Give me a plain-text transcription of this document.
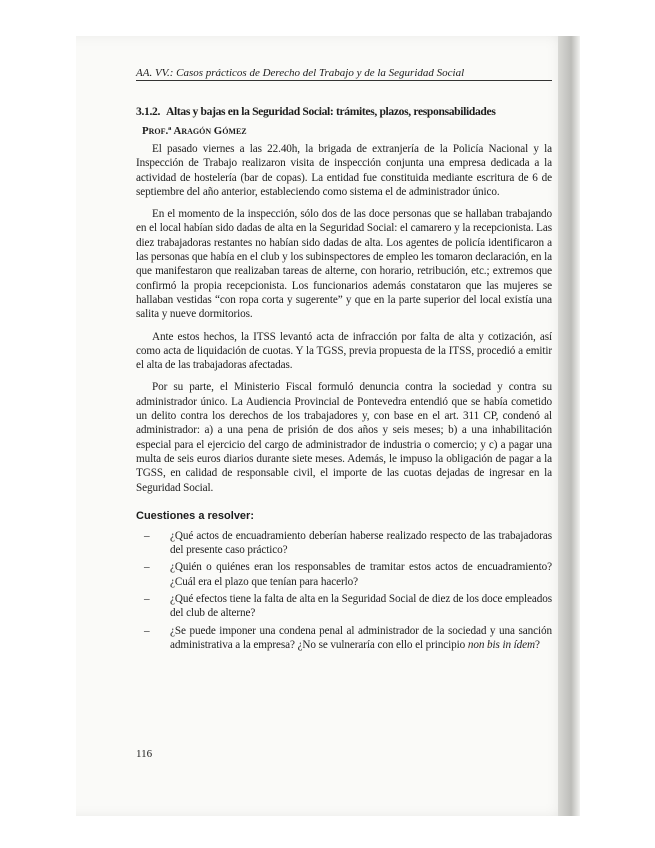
AA. VV.: Casos prácticos de Derecho del Trabajo y de la Seguridad Social
3.1.2. Altas y bajas en la Seguridad Social: trámites, plazos, responsabilidades
Prof.ª Aragón Gómez

El pasado viernes a las 22.40h, la brigada de extranjería de la Policía Nacional y la Inspección de Trabajo realizaron visita de inspección conjunta una empresa dedicada a la actividad de hostelería (bar de copas). La entidad fue constituida mediante escritura de 6 de septiembre del año anterior, estableciendo como sistema el de administrador único.

En el momento de la inspección, sólo dos de las doce personas que se hallaban trabajando en el local habían sido dadas de alta en la Seguridad Social: el camarero y la recepcionista. Las diez trabajadoras restantes no habían sido dadas de alta. Los agentes de policía identificaron a las personas que había en el club y los subinspectores de empleo les tomaron declaración, en la que manifestaron que realizaban tareas de alterne, con horario, retribución, etc.; extremos que confirmó la propia recepcionista. Los funcionarios además constataron que las mujeres se hallaban vestidas “con ropa corta y sugerente” y que en la parte superior del local existía una salita y nueve dormitorios.

Ante estos hechos, la ITSS levantó acta de infracción por falta de alta y cotización, así como acta de liquidación de cuotas. Y la TGSS, previa propuesta de la ITSS, procedió a emitir el alta de las trabajadoras afectadas.

Por su parte, el Ministerio Fiscal formuló denuncia contra la sociedad y contra su administrador único. La Audiencia Provincial de Pontevedra entendió que se había cometido un delito contra los derechos de los trabajadores y, con base en el art. 311 CP, condenó al administrador: a) a una pena de prisión de dos años y seis meses; b) a una inhabilitación especial para el ejercicio del cargo de administrador de industria o comercio; y c) a pagar una multa de seis euros diarios durante siete meses. Además, le impuso la obligación de pagar a la TGSS, en calidad de responsable civil, el importe de las cuotas dejadas de ingresar en la Seguridad Social.

Cuestiones a resolver:
– ¿Qué actos de encuadramiento deberían haberse realizado respecto de las trabajadoras del presente caso práctico?
– ¿Quién o quiénes eran los responsables de tramitar estos actos de encuadramiento? ¿Cuál era el plazo que tenían para hacerlo?
– ¿Qué efectos tiene la falta de alta en la Seguridad Social de diez de los doce empleados del club de alterne?
– ¿Se puede imponer una condena penal al administrador de la sociedad y una sanción administrativa a la empresa? ¿No se vulneraría con ello el principio non bis in ídem?
116
